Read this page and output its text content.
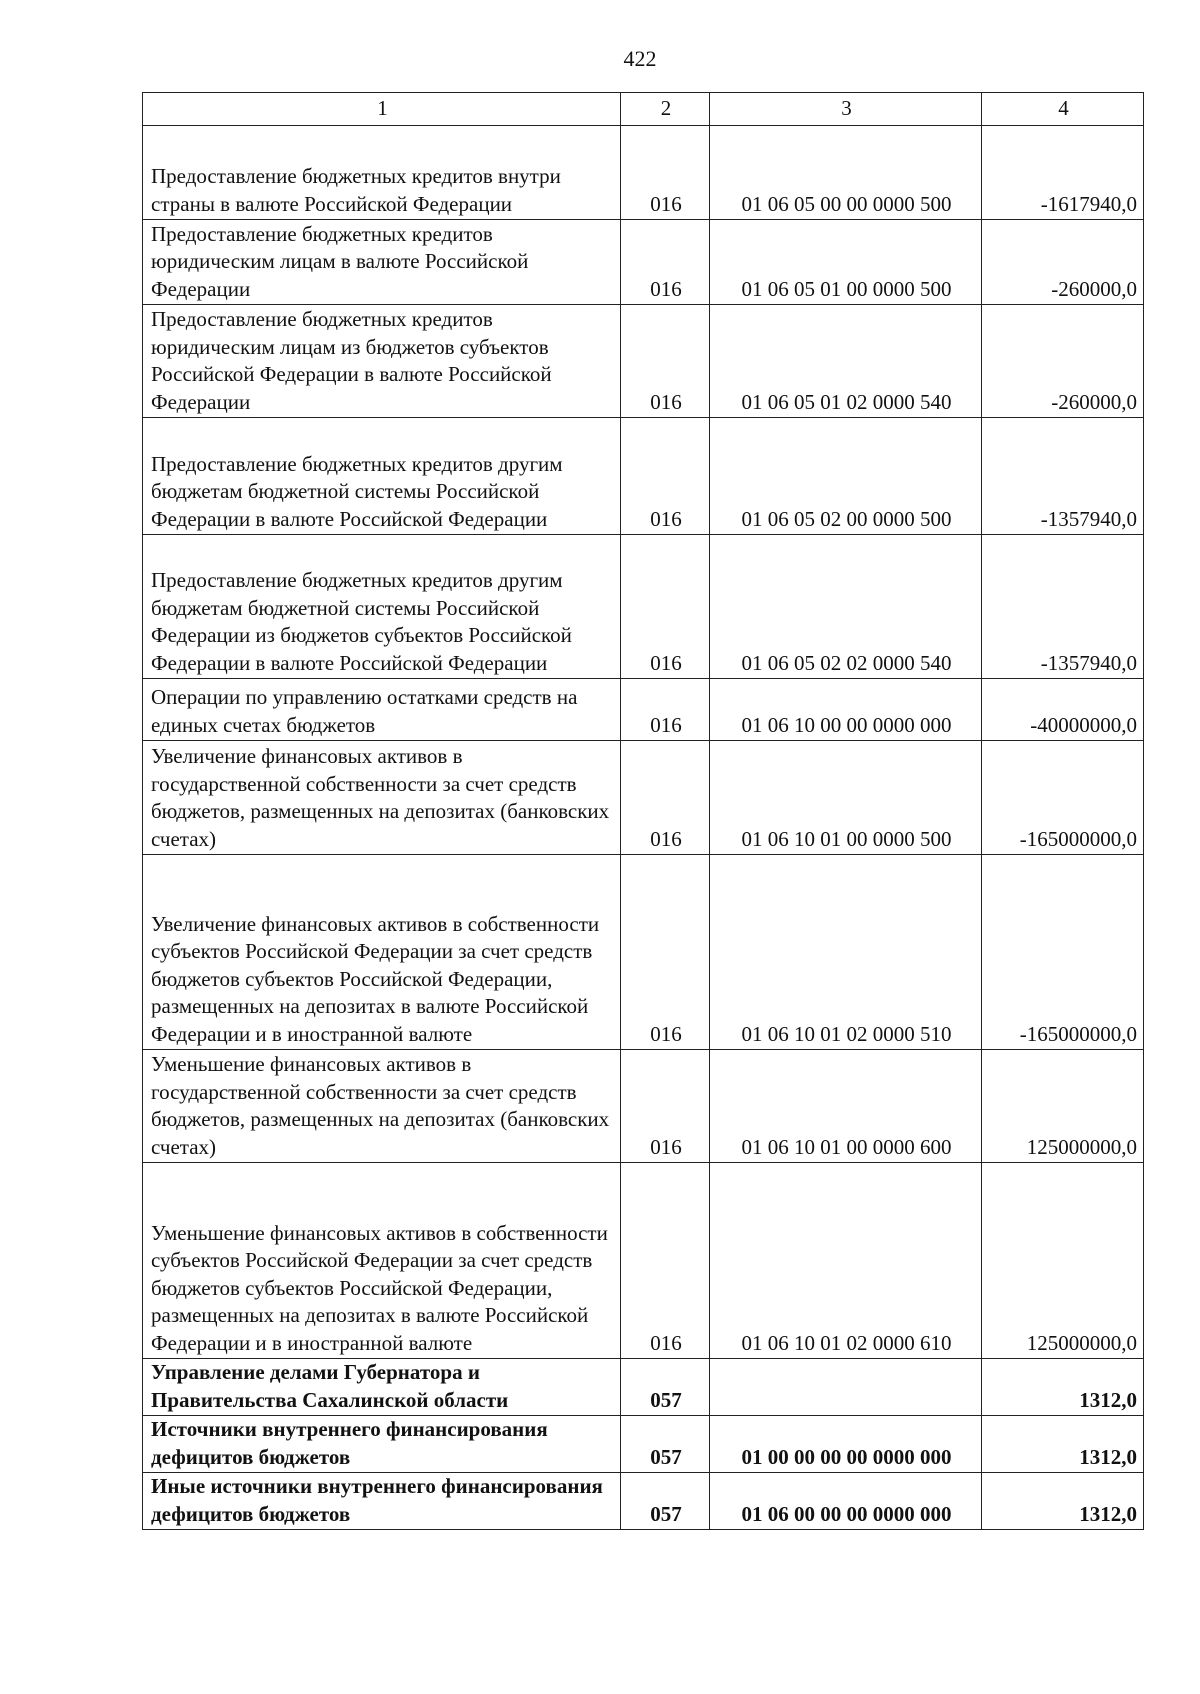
422
1	2	3	4
Предоставление бюджетных кредитов внутри страны в валюте Российской Федерации	016	01 06 05 00 00 0000 500	-1617940,0
Предоставление бюджетных кредитов юридическим лицам в валюте Российской Федерации	016	01 06 05 01 00 0000 500	-260000,0
Предоставление бюджетных кредитов юридическим лицам из бюджетов субъектов Российской Федерации в валюте Российской Федерации	016	01 06 05 01 02 0000 540	-260000,0
Предоставление бюджетных кредитов другим бюджетам бюджетной системы Российской Федерации в валюте Российской Федерации	016	01 06 05 02 00 0000 500	-1357940,0
Предоставление бюджетных кредитов другим бюджетам бюджетной системы Российской Федерации из бюджетов субъектов Российской Федерации в валюте Российской Федерации	016	01 06 05 02 02 0000 540	-1357940,0
Операции по управлению остатками средств на единых счетах бюджетов	016	01 06 10 00 00 0000 000	-40000000,0
Увеличение финансовых активов в государственной собственности за счет средств бюджетов, размещенных на депозитах (банковских счетах)	016	01 06 10 01 00 0000 500	-165000000,0
Увеличение финансовых активов в собственности субъектов Российской Федерации за счет средств бюджетов субъектов Российской Федерации, размещенных на депозитах в валюте Российской Федерации и в иностранной валюте	016	01 06 10 01 02 0000 510	-165000000,0
Уменьшение финансовых активов в государственной собственности за счет средств бюджетов, размещенных на депозитах (банковских счетах)	016	01 06 10 01 00 0000 600	125000000,0
Уменьшение финансовых активов в собственности субъектов Российской Федерации за счет средств бюджетов субъектов Российской Федерации, размещенных на депозитах в валюте Российской Федерации и в иностранной валюте	016	01 06 10 01 02 0000 610	125000000,0
Управление делами Губернатора и Правительства Сахалинской области	057		1312,0
Источники внутреннего финансирования дефицитов бюджетов	057	01 00 00 00 00 0000 000	1312,0
Иные источники внутреннего финансирования дефицитов бюджетов	057	01 06 00 00 00 0000 000	1312,0
